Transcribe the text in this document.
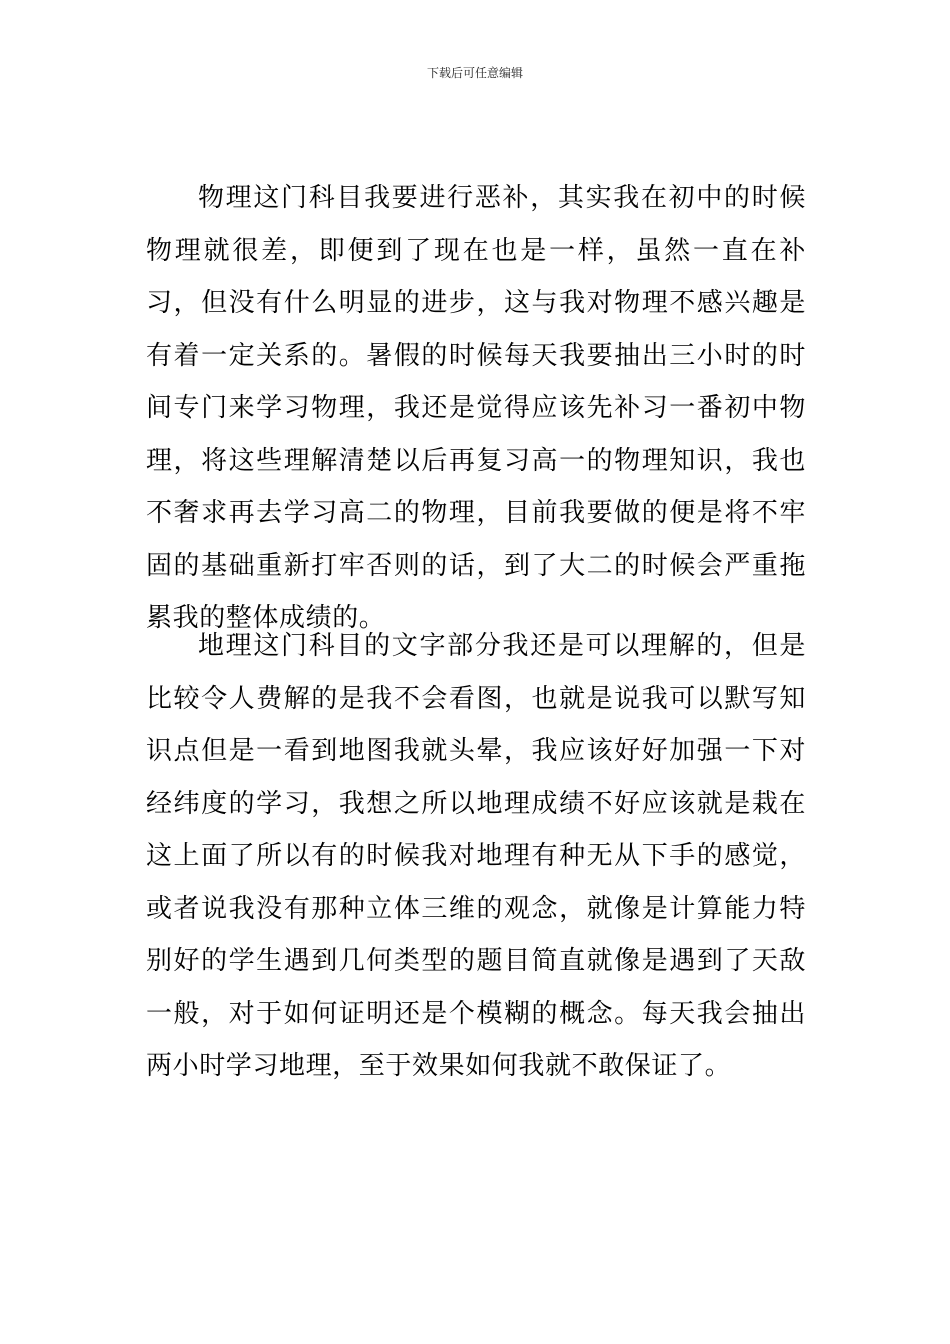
下载后可任意编辑

物理这门科目我要进行恶补，其实我在初中的时候物理就很差，即便到了现在也是一样，虽然一直在补习，但没有什么明显的进步，这与我对物理不感兴趣是有着一定关系的。暑假的时候每天我要抽出三小时的时间专门来学习物理，我还是觉得应该先补习一番初中物理，将这些理解清楚以后再复习高一的物理知识，我也不奢求再去学习高二的物理，目前我要做的便是将不牢固的基础重新打牢否则的话，到了大二的时候会严重拖累我的整体成绩的。

地理这门科目的文字部分我还是可以理解的，但是比较令人费解的是我不会看图，也就是说我可以默写知识点但是一看到地图我就头晕，我应该好好加强一下对经纬度的学习，我想之所以地理成绩不好应该就是栽在这上面了所以有的时候我对地理有种无从下手的感觉，或者说我没有那种立体三维的观念，就像是计算能力特别好的学生遇到几何类型的题目简直就像是遇到了天敌一般，对于如何证明还是个模糊的概念。每天我会抽出两小时学习地理，至于效果如何我就不敢保证了。
